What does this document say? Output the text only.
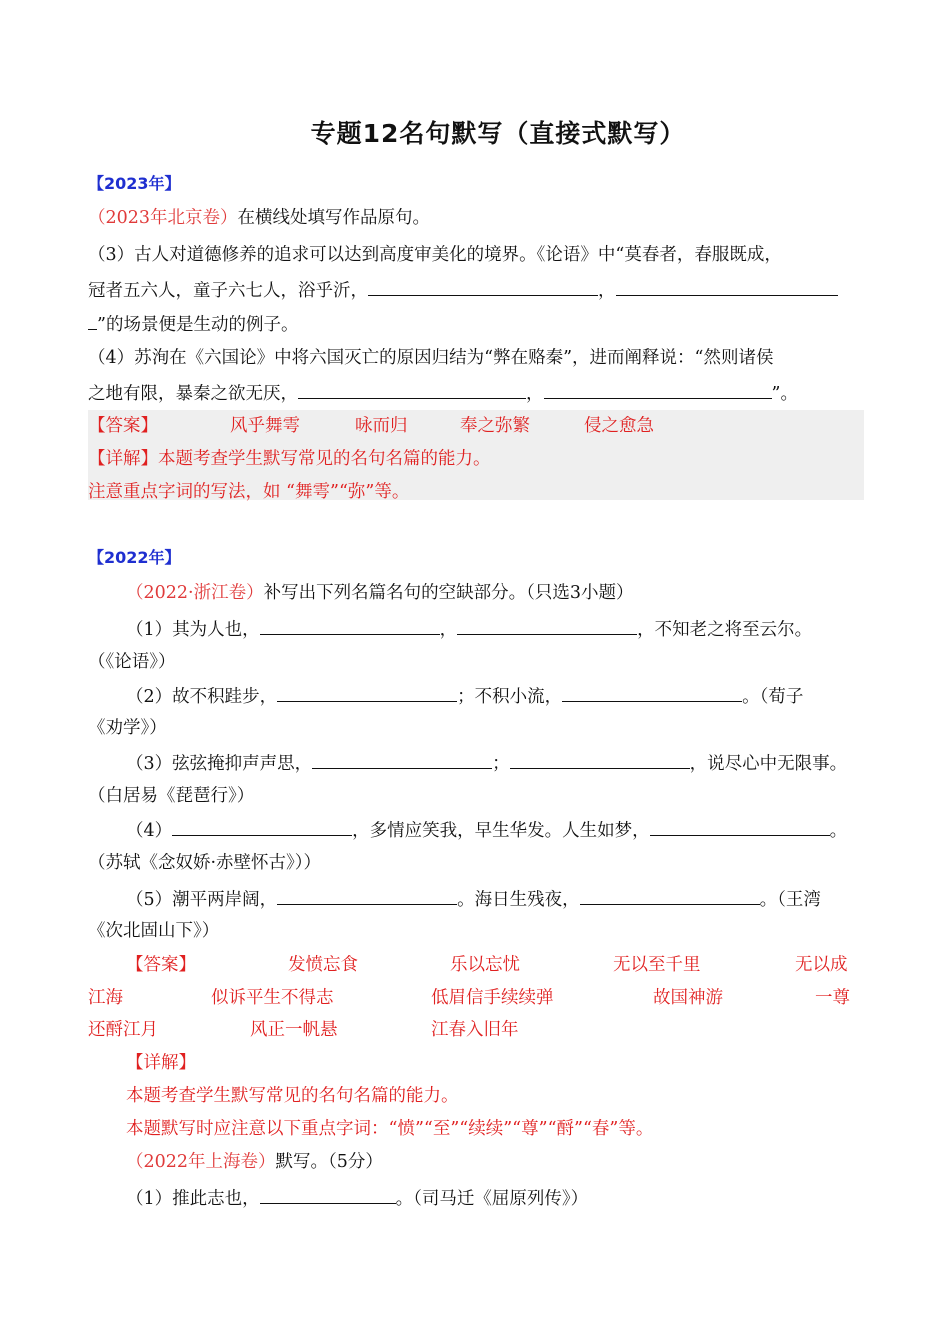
专题12名句默写（直接式默写）
【2023年】
（2023年北京卷）在横线处填写作品原句。
（3）古人对道德修养的追求可以达到高度审美化的境界。《论语》中“莫春者，春服既成，
冠者五六人，童子六七人，浴乎沂，	，
”的场景便是生动的例子。
（4）苏洵在《六国论》中将六国灭亡的原因归结为“弊在赂秦”，进而阐释说：“然则诸侯
之地有限，暴秦之欲无厌，	，	”。
【答案】	风乎舞雩	咏而归	奉之弥繁	侵之愈急
【详解】本题考查学生默写常见的名句名篇的能力。
注意重点字词的写法，如 “舞雩”“弥”等。
【2022年】
（2022·浙江卷）补写出下列名篇名句的空缺部分。（只选3小题）
（1）其为人也，	，	，不知老之将至云尔。
（《论语》）
（2）故不积跬步，	；不积小流，	。（荀子
《劝学》）
（3）弦弦掩抑声声思，	；	，说尽心中无限事。
（白居易《琵琶行》）
（4）	，多情应笑我，早生华发。人生如梦，	。
（苏轼《念奴娇·赤壁怀古》））
（5）潮平两岸阔，	。海日生残夜，	。（王湾
《次北固山下》）
【答案】	发愤忘食	乐以忘忧	无以至千里	无以成
江海	似诉平生不得志	低眉信手续续弹	故国神游	一尊
还酹江月	风正一帆悬	江春入旧年
【详解】
本题考查学生默写常见的名句名篇的能力。
本题默写时应注意以下重点字词：“愤”“至”“续续”“尊”“酹”“春”等。
（2022年上海卷）默写。（5分）
（1）推此志也，	。（司马迁《屈原列传》）
